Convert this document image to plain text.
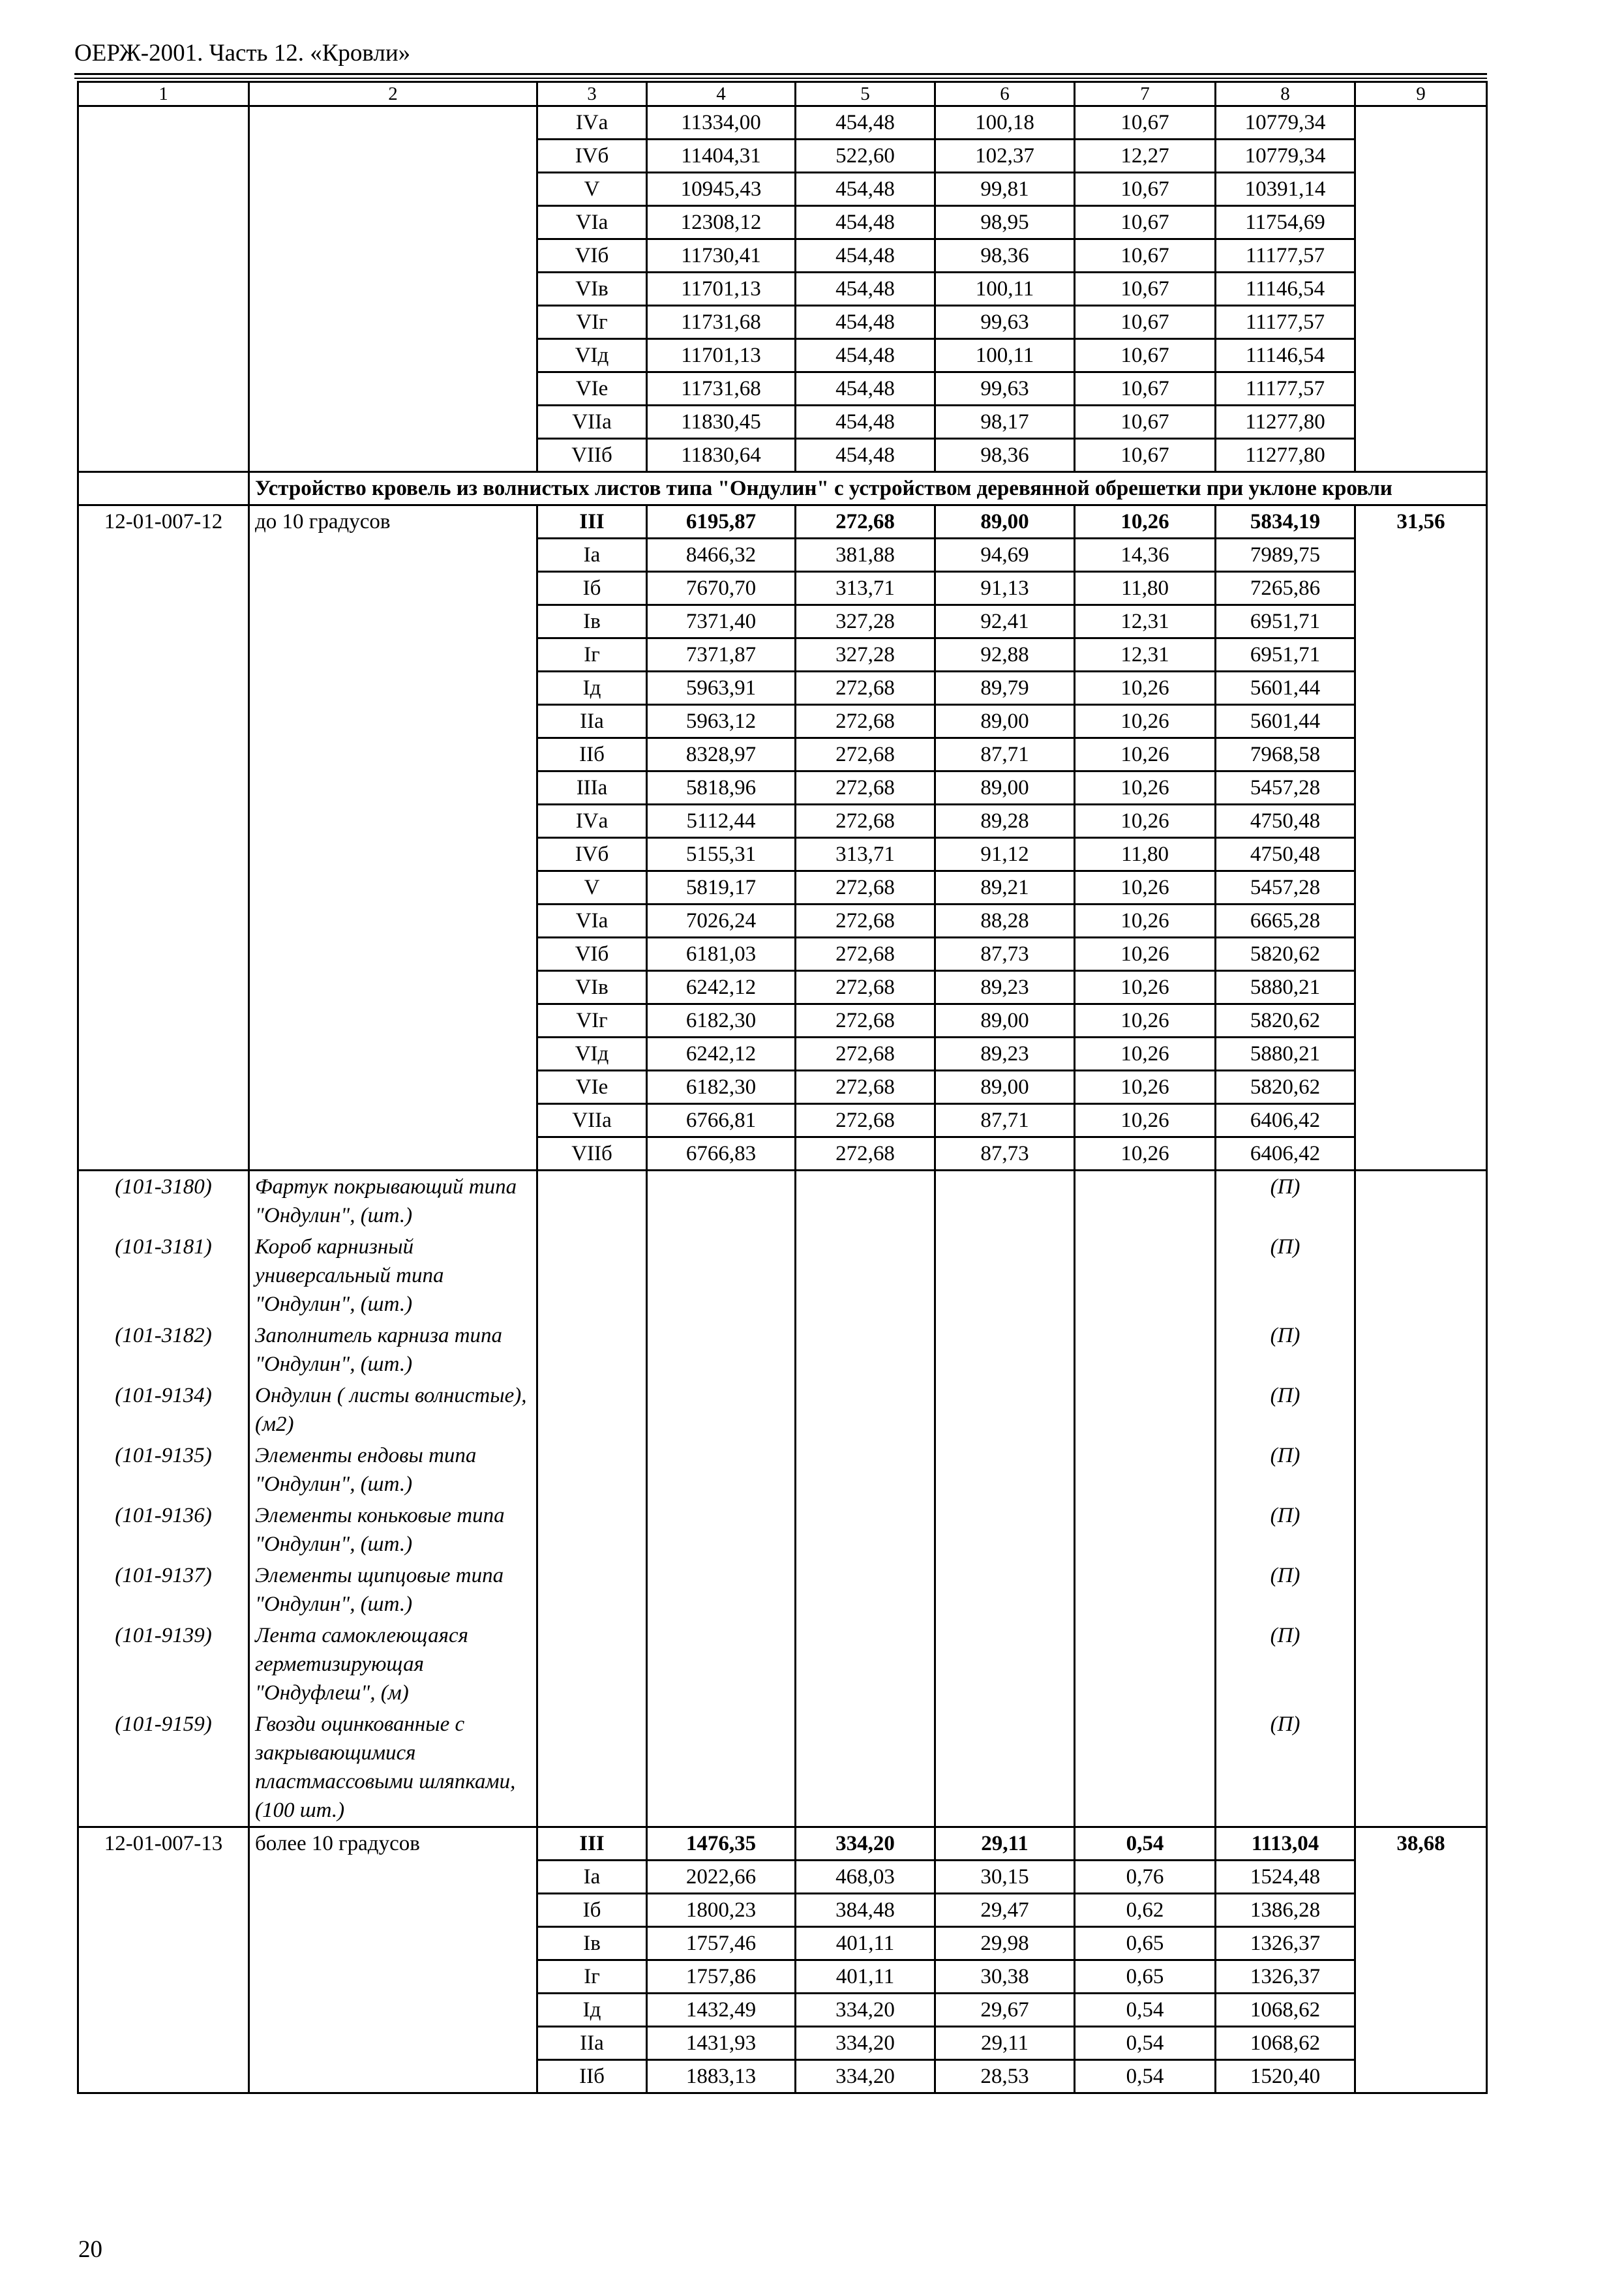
ОЕРЖ-2001. Часть 12. «Кровли»
1	2	3	4	5	6	7	8	9
		IVа	11334,00	454,48	100,18	10,67	10779,34	
		IVб	11404,31	522,60	102,37	12,27	10779,34	
		V	10945,43	454,48	99,81	10,67	10391,14	
		VIа	12308,12	454,48	98,95	10,67	11754,69	
		VIб	11730,41	454,48	98,36	10,67	11177,57	
		VIв	11701,13	454,48	100,11	10,67	11146,54	
		VIг	11731,68	454,48	99,63	10,67	11177,57	
		VIд	11701,13	454,48	100,11	10,67	11146,54	
		VIе	11731,68	454,48	99,63	10,67	11177,57	
		VIIа	11830,45	454,48	98,17	10,67	11277,80	
		VIIб	11830,64	454,48	98,36	10,67	11277,80	
	Устройство кровель из волнистых листов типа "Ондулин" с устройством деревянной обрешетки при уклоне кровли							
12-01-007-12	до 10 градусов	III	6195,87	272,68	89,00	10,26	5834,19	31,56
		Iа	8466,32	381,88	94,69	14,36	7989,75	
		Iб	7670,70	313,71	91,13	11,80	7265,86	
		Iв	7371,40	327,28	92,41	12,31	6951,71	
		Iг	7371,87	327,28	92,88	12,31	6951,71	
		Iд	5963,91	272,68	89,79	10,26	5601,44	
		IIа	5963,12	272,68	89,00	10,26	5601,44	
		IIб	8328,97	272,68	87,71	10,26	7968,58	
		IIIа	5818,96	272,68	89,00	10,26	5457,28	
		IVа	5112,44	272,68	89,28	10,26	4750,48	
		IVб	5155,31	313,71	91,12	11,80	4750,48	
		V	5819,17	272,68	89,21	10,26	5457,28	
		VIа	7026,24	272,68	88,28	10,26	6665,28	
		VIб	6181,03	272,68	87,73	10,26	5820,62	
		VIв	6242,12	272,68	89,23	10,26	5880,21	
		VIг	6182,30	272,68	89,00	10,26	5820,62	
		VIд	6242,12	272,68	89,23	10,26	5880,21	
		VIе	6182,30	272,68	89,00	10,26	5820,62	
		VIIа	6766,81	272,68	87,71	10,26	6406,42	
		VIIб	6766,83	272,68	87,73	10,26	6406,42	
(101-3180)	Фартук покрывающий типа "Ондулин", (шт.)						(П)	
(101-3181)	Короб карнизный универсальный типа "Ондулин", (шт.)						(П)	
(101-3182)	Заполнитель карниза типа "Ондулин", (шт.)						(П)	
(101-9134)	Ондулин ( листы волнистые), (м2)						(П)	
(101-9135)	Элементы ендовы типа "Ондулин", (шт.)						(П)	
(101-9136)	Элементы коньковые типа "Ондулин", (шт.)						(П)	
(101-9137)	Элементы щипцовые типа "Ондулин", (шт.)						(П)	
(101-9139)	Лента самоклеющаяся герметизирующая "Ондуфлеш", (м)						(П)	
(101-9159)	Гвозди оцинкованные с закрывающимися пластмассовыми шляпками, (100 шт.)						(П)	
12-01-007-13	более 10 градусов	III	1476,35	334,20	29,11	0,54	1113,04	38,68
		Iа	2022,66	468,03	30,15	0,76	1524,48	
		Iб	1800,23	384,48	29,47	0,62	1386,28	
		Iв	1757,46	401,11	29,98	0,65	1326,37	
		Iг	1757,86	401,11	30,38	0,65	1326,37	
		Iд	1432,49	334,20	29,67	0,54	1068,62	
		IIа	1431,93	334,20	29,11	0,54	1068,62	
		IIб	1883,13	334,20	28,53	0,54	1520,40	
20
